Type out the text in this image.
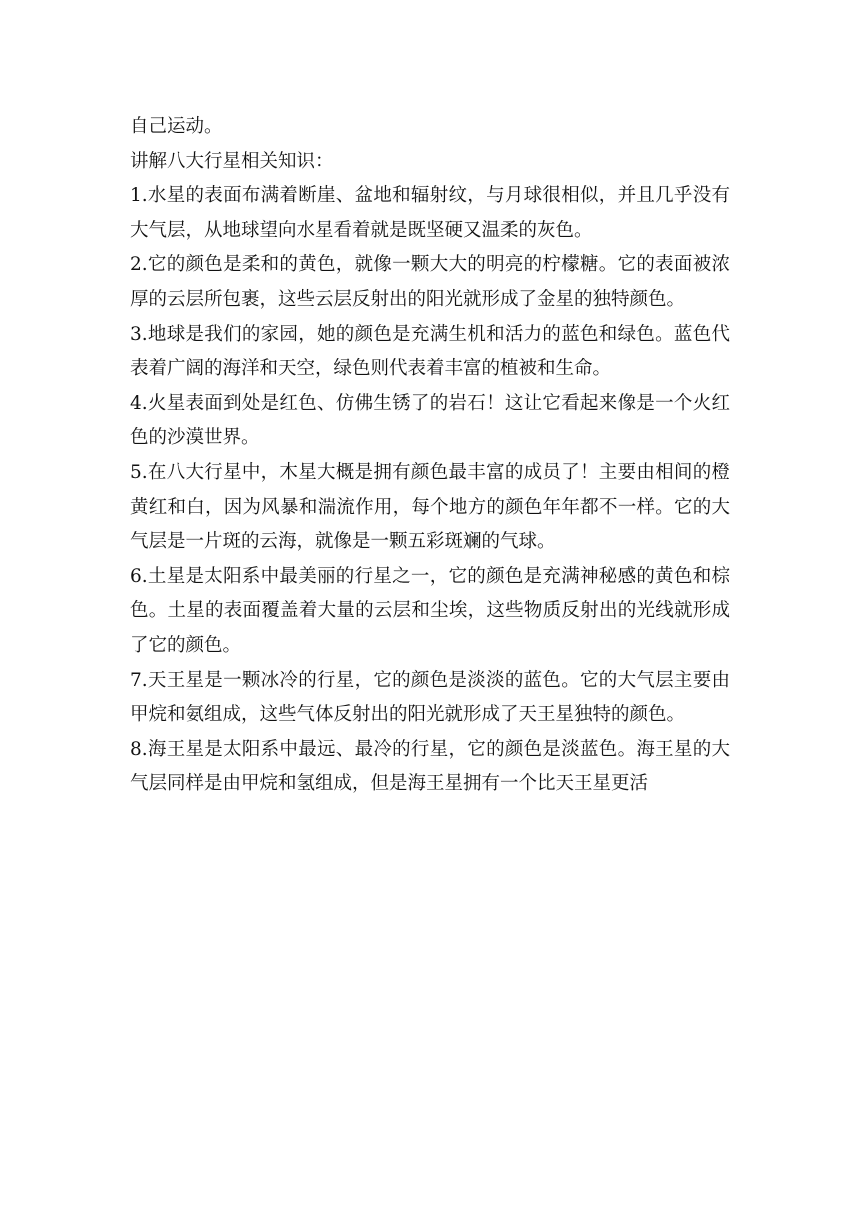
自己运动。

讲解八大行星相关知识：

1.水星的表面布满着断崖、盆地和辐射纹，与月球很相似，并且几乎没有大气层，从地球望向水星看着就是既坚硬又温柔的灰色。

2.它的颜色是柔和的黄色，就像一颗大大的明亮的柠檬糖。它的表面被浓厚的云层所包裹，这些云层反射出的阳光就形成了金星的独特颜色。

3.地球是我们的家园，她的颜色是充满生机和活力的蓝色和绿色。蓝色代表着广阔的海洋和天空，绿色则代表着丰富的植被和生命。

4.火星表面到处是红色、仿佛生锈了的岩石！这让它看起来像是一个火红色的沙漠世界。

5.在八大行星中，木星大概是拥有颜色最丰富的成员了！主要由相间的橙黄红和白，因为风暴和湍流作用，每个地方的颜色年年都不一样。它的大气层是一片斑的云海，就像是一颗五彩斑斓的气球。

6.土星是太阳系中最美丽的行星之一，它的颜色是充满神秘感的黄色和棕色。土星的表面覆盖着大量的云层和尘埃，这些物质反射出的光线就形成了它的颜色。

7.天王星是一颗冰冷的行星，它的颜色是淡淡的蓝色。它的大气层主要由甲烷和氨组成，这些气体反射出的阳光就形成了天王星独特的颜色。

8.海王星是太阳系中最远、最冷的行星，它的颜色是淡蓝色。海王星的大气层同样是由甲烷和氢组成，但是海王星拥有一个比天王星更活
